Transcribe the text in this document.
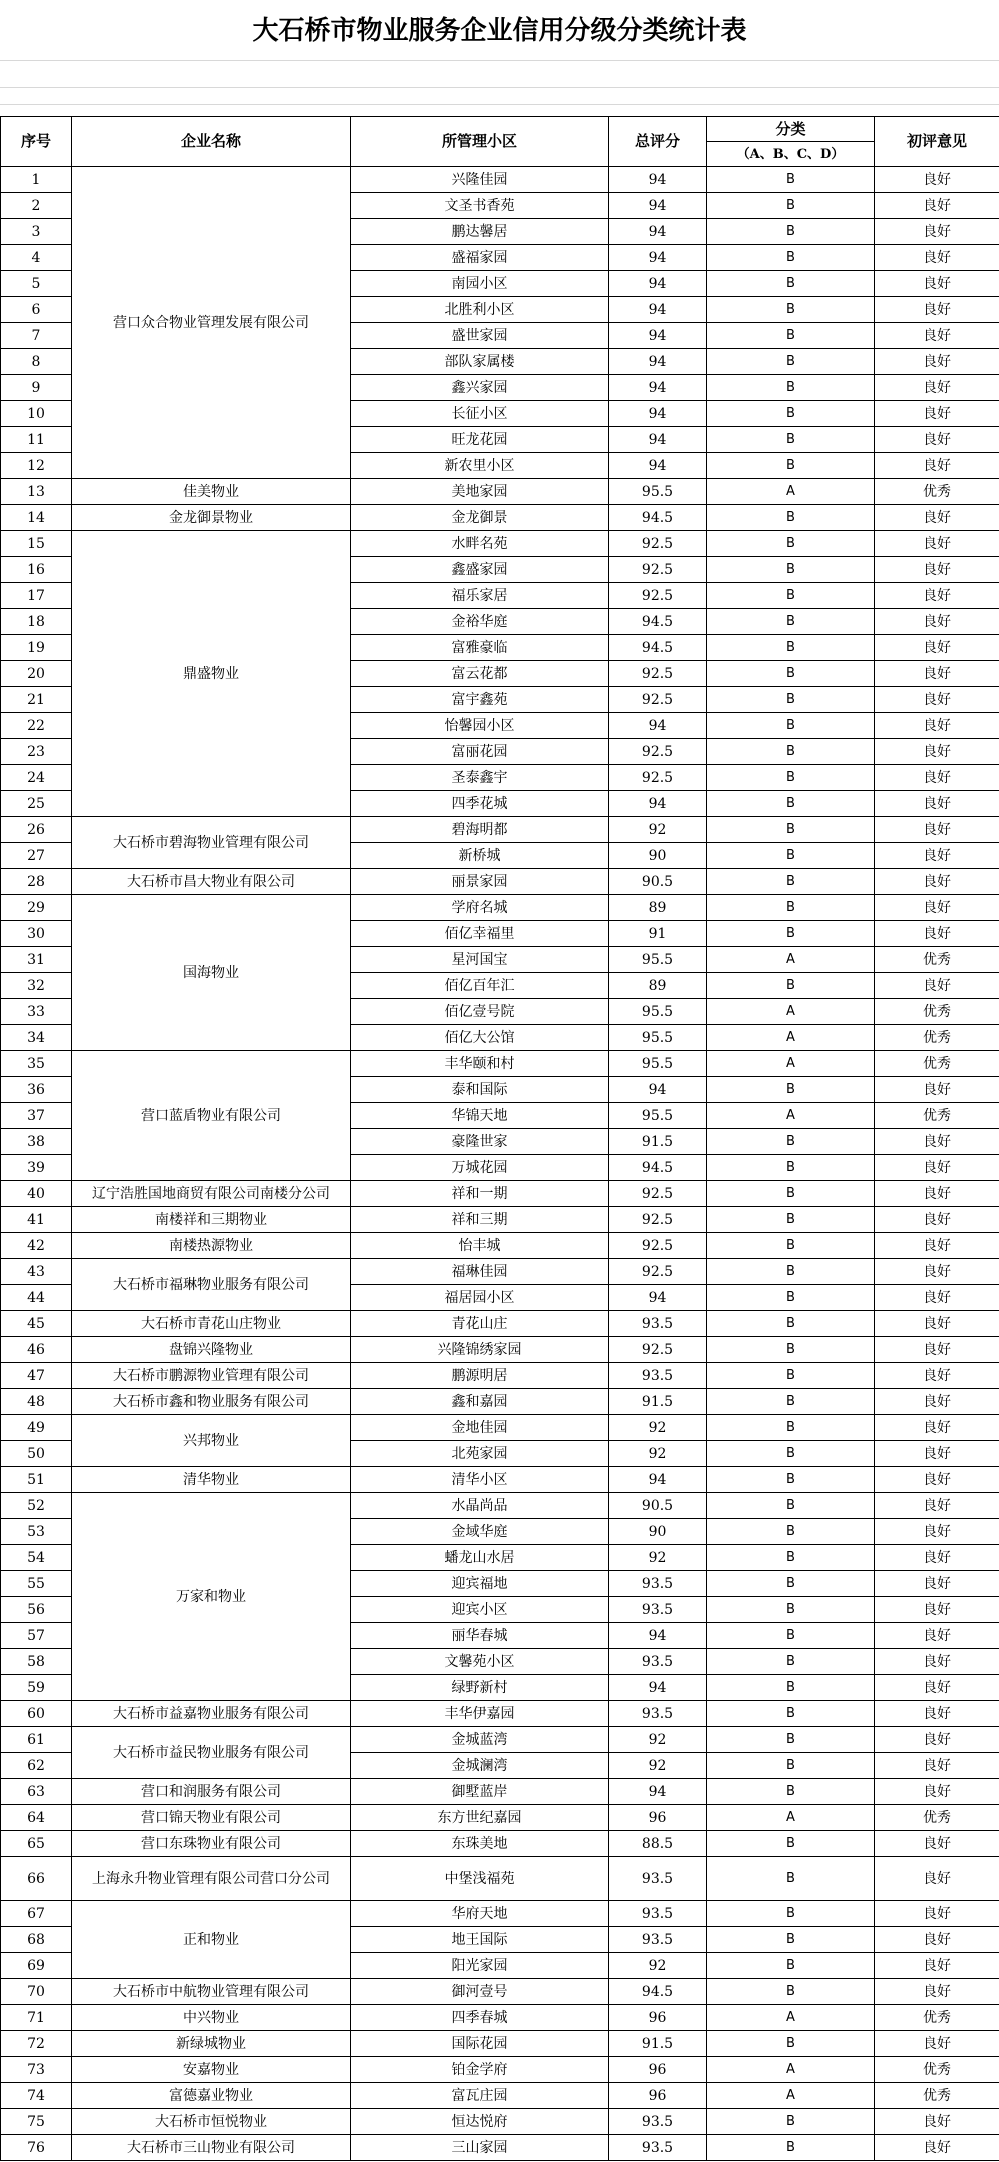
大石桥市物业服务企业信用分级分类统计表
序号	企业名称	所管理小区	总评分	分类	初评意见
				（A、B、C、D）	
1	营口众合物业管理发展有限公司	兴隆佳园	94	B	良好
2		文圣书香苑	94	B	良好
3		鹏达馨居	94	B	良好
4		盛福家园	94	B	良好
5		南园小区	94	B	良好
6		北胜利小区	94	B	良好
7		盛世家园	94	B	良好
8		部队家属楼	94	B	良好
9		鑫兴家园	94	B	良好
10		长征小区	94	B	良好
11		旺龙花园	94	B	良好
12		新农里小区	94	B	良好
13	佳美物业	美地家园	95.5	A	优秀
14	金龙御景物业	金龙御景	94.5	B	良好
15	鼎盛物业	水畔名苑	92.5	B	良好
16		鑫盛家园	92.5	B	良好
17		福乐家居	92.5	B	良好
18		金裕华庭	94.5	B	良好
19		富雅豪临	94.5	B	良好
20		富云花都	92.5	B	良好
21		富宇鑫苑	92.5	B	良好
22		怡馨园小区	94	B	良好
23		富丽花园	92.5	B	良好
24		圣泰鑫宇	92.5	B	良好
25		四季花城	94	B	良好
26	大石桥市碧海物业管理有限公司	碧海明都	92	B	良好
27		新桥城	90	B	良好
28	大石桥市昌大物业有限公司	丽景家园	90.5	B	良好
29	国海物业	学府名城	89	B	良好
30		佰亿幸福里	91	B	良好
31		星河国宝	95.5	A	优秀
32		佰亿百年汇	89	B	良好
33		佰亿壹号院	95.5	A	优秀
34		佰亿大公馆	95.5	A	优秀
35	营口蓝盾物业有限公司	丰华颐和村	95.5	A	优秀
36		泰和国际	94	B	良好
37		华锦天地	95.5	A	优秀
38		豪隆世家	91.5	B	良好
39		万城花园	94.5	B	良好
40	辽宁浩胜国地商贸有限公司南楼分公司	祥和一期	92.5	B	良好
41	南楼祥和三期物业	祥和三期	92.5	B	良好
42	南楼热源物业	怡丰城	92.5	B	良好
43	大石桥市福琳物业服务有限公司	福琳佳园	92.5	B	良好
44		福居园小区	94	B	良好
45	大石桥市青花山庄物业	青花山庄	93.5	B	良好
46	盘锦兴隆物业	兴隆锦绣家园	92.5	B	良好
47	大石桥市鹏源物业管理有限公司	鹏源明居	93.5	B	良好
48	大石桥市鑫和物业服务有限公司	鑫和嘉园	91.5	B	良好
49	兴邦物业	金地佳园	92	B	良好
50		北苑家园	92	B	良好
51	清华物业	清华小区	94	B	良好
52	万家和物业	水晶尚品	90.5	B	良好
53		金域华庭	90	B	良好
54		蟠龙山水居	92	B	良好
55		迎宾福地	93.5	B	良好
56		迎宾小区	93.5	B	良好
57		丽华春城	94	B	良好
58		文馨苑小区	93.5	B	良好
59		绿野新村	94	B	良好
60	大石桥市益嘉物业服务有限公司	丰华伊嘉园	93.5	B	良好
61	大石桥市益民物业服务有限公司	金城蓝湾	92	B	良好
62		金城澜湾	92	B	良好
63	营口和润服务有限公司	御墅蓝岸	94	B	良好
64	营口锦天物业有限公司	东方世纪嘉园	96	A	优秀
65	营口东珠物业有限公司	东珠美地	88.5	B	良好
66	上海永升物业管理有限公司营口分公司	中堡浅福苑	93.5	B	良好
67	正和物业	华府天地	93.5	B	良好
68		地王国际	93.5	B	良好
69		阳光家园	92	B	良好
70	大石桥市中航物业管理有限公司	御河壹号	94.5	B	良好
71	中兴物业	四季春城	96	A	优秀
72	新绿城物业	国际花园	91.5	B	良好
73	安嘉物业	铂金学府	96	A	优秀
74	富德嘉业物业	富瓦庄园	96	A	优秀
75	大石桥市恒悦物业	恒达悦府	93.5	B	良好
76	大石桥市三山物业有限公司	三山家园	93.5	B	良好
